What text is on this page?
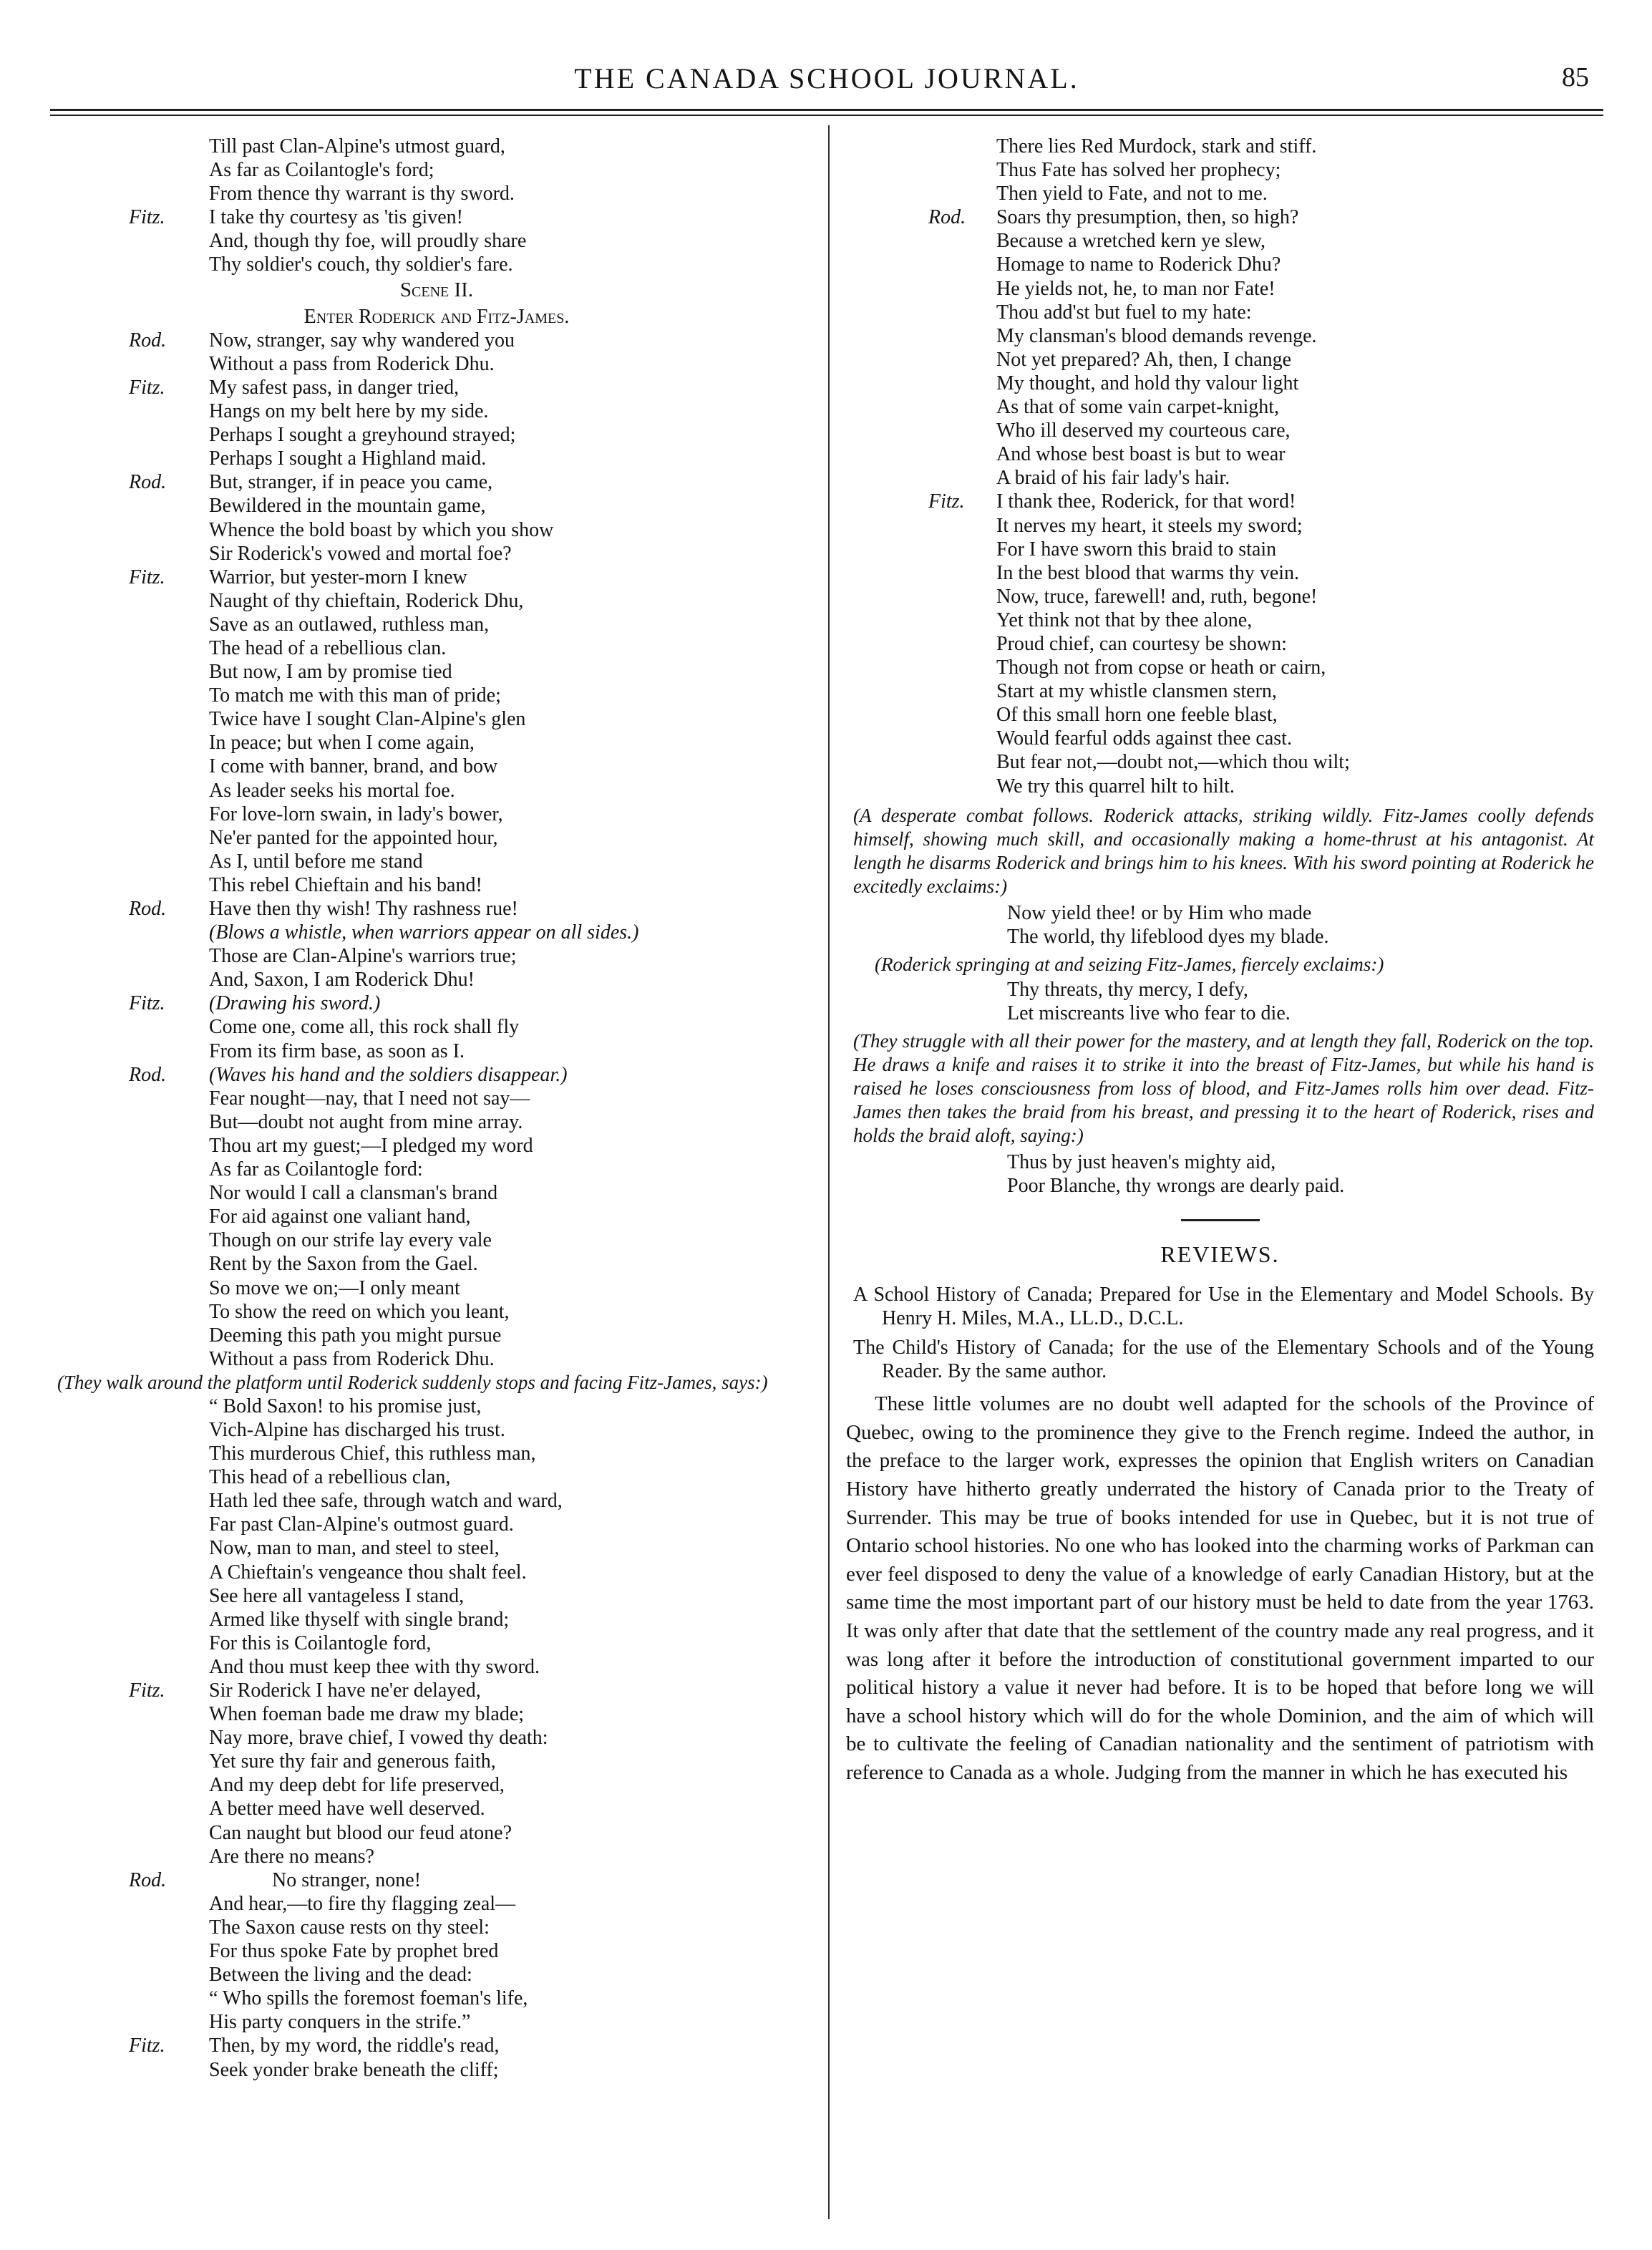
THE CANADA SCHOOL JOURNAL.	85
Till past Clan-Alpine's utmost guard,
As far as Coilantogle's ford;
From thence thy warrant is thy sword.
Fitz. I take thy courtesy as 'tis given!
And, though thy foe, will proudly share
Thy soldier's couch, thy soldier's fare.
Scene II.
Enter Roderick and Fitz-James.
Rod. Now, stranger, say why wandered you
Without a pass from Roderick Dhu.
Fitz. My safest pass, in danger tried,
Hangs on my belt here by my side.
Perhaps I sought a greyhound strayed;
Perhaps I sought a Highland maid.
Rod. But, stranger, if in peace you came,
Bewildered in the mountain game,
Whence the bold boast by which you show
Sir Roderick's vowed and mortal foe?
Fitz. Warrior, but yester-morn I knew
Naught of thy chieftain, Roderick Dhu,
Save as an outlawed, ruthless man,
The head of a rebellious clan.
But now, I am by promise tied
To match me with this man of pride;
Twice have I sought Clan-Alpine's glen
In peace; but when I come again,
I come with banner, brand, and bow
As leader seeks his mortal foe.
For love-lorn swain, in lady's bower,
Ne'er panted for the appointed hour,
As I, until before me stand
This rebel Chieftain and his band!
Rod. Have then thy wish! Thy rashness rue!
(Blows a whistle, when warriors appear on all sides.)
Those are Clan-Alpine's warriors true;
And, Saxon, I am Roderick Dhu!
Fitz. (Drawing his sword.)
Come one, come all, this rock shall fly
From its firm base, as soon as I.
Rod. (Waves his hand and the soldiers disappear.)
Fear nought—nay, that I need not say—
But—doubt not aught from mine array.
Thou art my guest;—I pledged my word
As far as Coilantogle ford:
Nor would I call a clansman's brand
For aid against one valiant hand,
Though on our strife lay every vale
Rent by the Saxon from the Gael.
So move we on;—I only meant
To show the reed on which you leant,
Deeming this path you might pursue
Without a pass from Roderick Dhu.
(They walk around the platform until Roderick suddenly stops and facing Fitz-James, says:)
“ Bold Saxon! to his promise just,
Vich-Alpine has discharged his trust.
This murderous Chief, this ruthless man,
This head of a rebellious clan,
Hath led thee safe, through watch and ward,
Far past Clan-Alpine's outmost guard.
Now, man to man, and steel to steel,
A Chieftain's vengeance thou shalt feel.
See here all vantageless I stand,
Armed like thyself with single brand;
For this is Coilantogle ford,
And thou must keep thee with thy sword.
Fitz. Sir Roderick I have ne'er delayed,
When foeman bade me draw my blade;
Nay more, brave chief, I vowed thy death:
Yet sure thy fair and generous faith,
And my deep debt for life preserved,
A better meed have well deserved.
Can naught but blood our feud atone?
Are there no means?
Rod.	No stranger, none!
And hear,—to fire thy flagging zeal—
The Saxon cause rests on thy steel:
For thus spoke Fate by prophet bred
Between the living and the dead:
“ Who spills the foremost foeman's life,
His party conquers in the strife.”
Fitz. Then, by my word, the riddle's read,
Seek yonder brake beneath the cliff;
There lies Red Murdock, stark and stiff.
Thus Fate has solved her prophecy;
Then yield to Fate, and not to me.
Rod. Soars thy presumption, then, so high?
Because a wretched kern ye slew,
Homage to name to Roderick Dhu?
He yields not, he, to man nor Fate!
Thou add'st but fuel to my hate:
My clansman's blood demands revenge.
Not yet prepared? Ah, then, I change
My thought, and hold thy valour light
As that of some vain carpet-knight,
Who ill deserved my courteous care,
And whose best boast is but to wear
A braid of his fair lady's hair.
Fitz. I thank thee, Roderick, for that word!
It nerves my heart, it steels my sword;
For I have sworn this braid to stain
In the best blood that warms thy vein.
Now, truce, farewell! and, ruth, begone!
Yet think not that by thee alone,
Proud chief, can courtesy be shown:
Though not from copse or heath or cairn,
Start at my whistle clansmen stern,
Of this small horn one feeble blast,
Would fearful odds against thee cast.
But fear not,—doubt not,—which thou wilt;
We try this quarrel hilt to hilt.
(A desperate combat follows. Roderick attacks, striking wildly. Fitz-James coolly defends himself, showing much skill, and occasionally making a home-thrust at his antagonist. At length he disarms Roderick and brings him to his knees. With his sword pointing at Roderick he excitedly exclaims:)
Now yield thee! or by Him who made
The world, thy lifeblood dyes my blade.
(Roderick springing at and seizing Fitz-James, fiercely exclaims:)
Thy threats, thy mercy, I defy,
Let miscreants live who fear to die.
(They struggle with all their power for the mastery, and at length they fall, Roderick on the top. He draws a knife and raises it to strike it into the breast of Fitz-James, but while his hand is raised he loses consciousness from loss of blood, and Fitz-James rolls him over dead. Fitz-James then takes the braid from his breast, and pressing it to the heart of Roderick, rises and holds the braid aloft, saying:)
Thus by just heaven's mighty aid,
Poor Blanche, thy wrongs are dearly paid.
REVIEWS.
A School History of Canada; Prepared for Use in the Elementary and Model Schools. By Henry H. Miles, M.A., LL.D., D.C.L.
The Child's History of Canada; for the use of the Elementary Schools and of the Young Reader. By the same author.
These little volumes are no doubt well adapted for the schools of the Province of Quebec, owing to the prominence they give to the French regime. Indeed the author, in the preface to the larger work, expresses the opinion that English writers on Canadian History have hitherto greatly underrated the history of Canada prior to the Treaty of Surrender. This may be true of books intended for use in Quebec, but it is not true of Ontario school histories. No one who has looked into the charming works of Parkman can ever feel disposed to deny the value of a knowledge of early Canadian History, but at the same time the most important part of our history must be held to date from the year 1763. It was only after that date that the settlement of the country made any real progress, and it was long after it before the introduction of constitutional government imparted to our political history a value it never had before. It is to be hoped that before long we will have a school history which will do for the whole Dominion, and the aim of which will be to cultivate the feeling of Canadian nationality and the sentiment of patriotism with reference to Canada as a whole. Judging from the manner in which he has executed his
